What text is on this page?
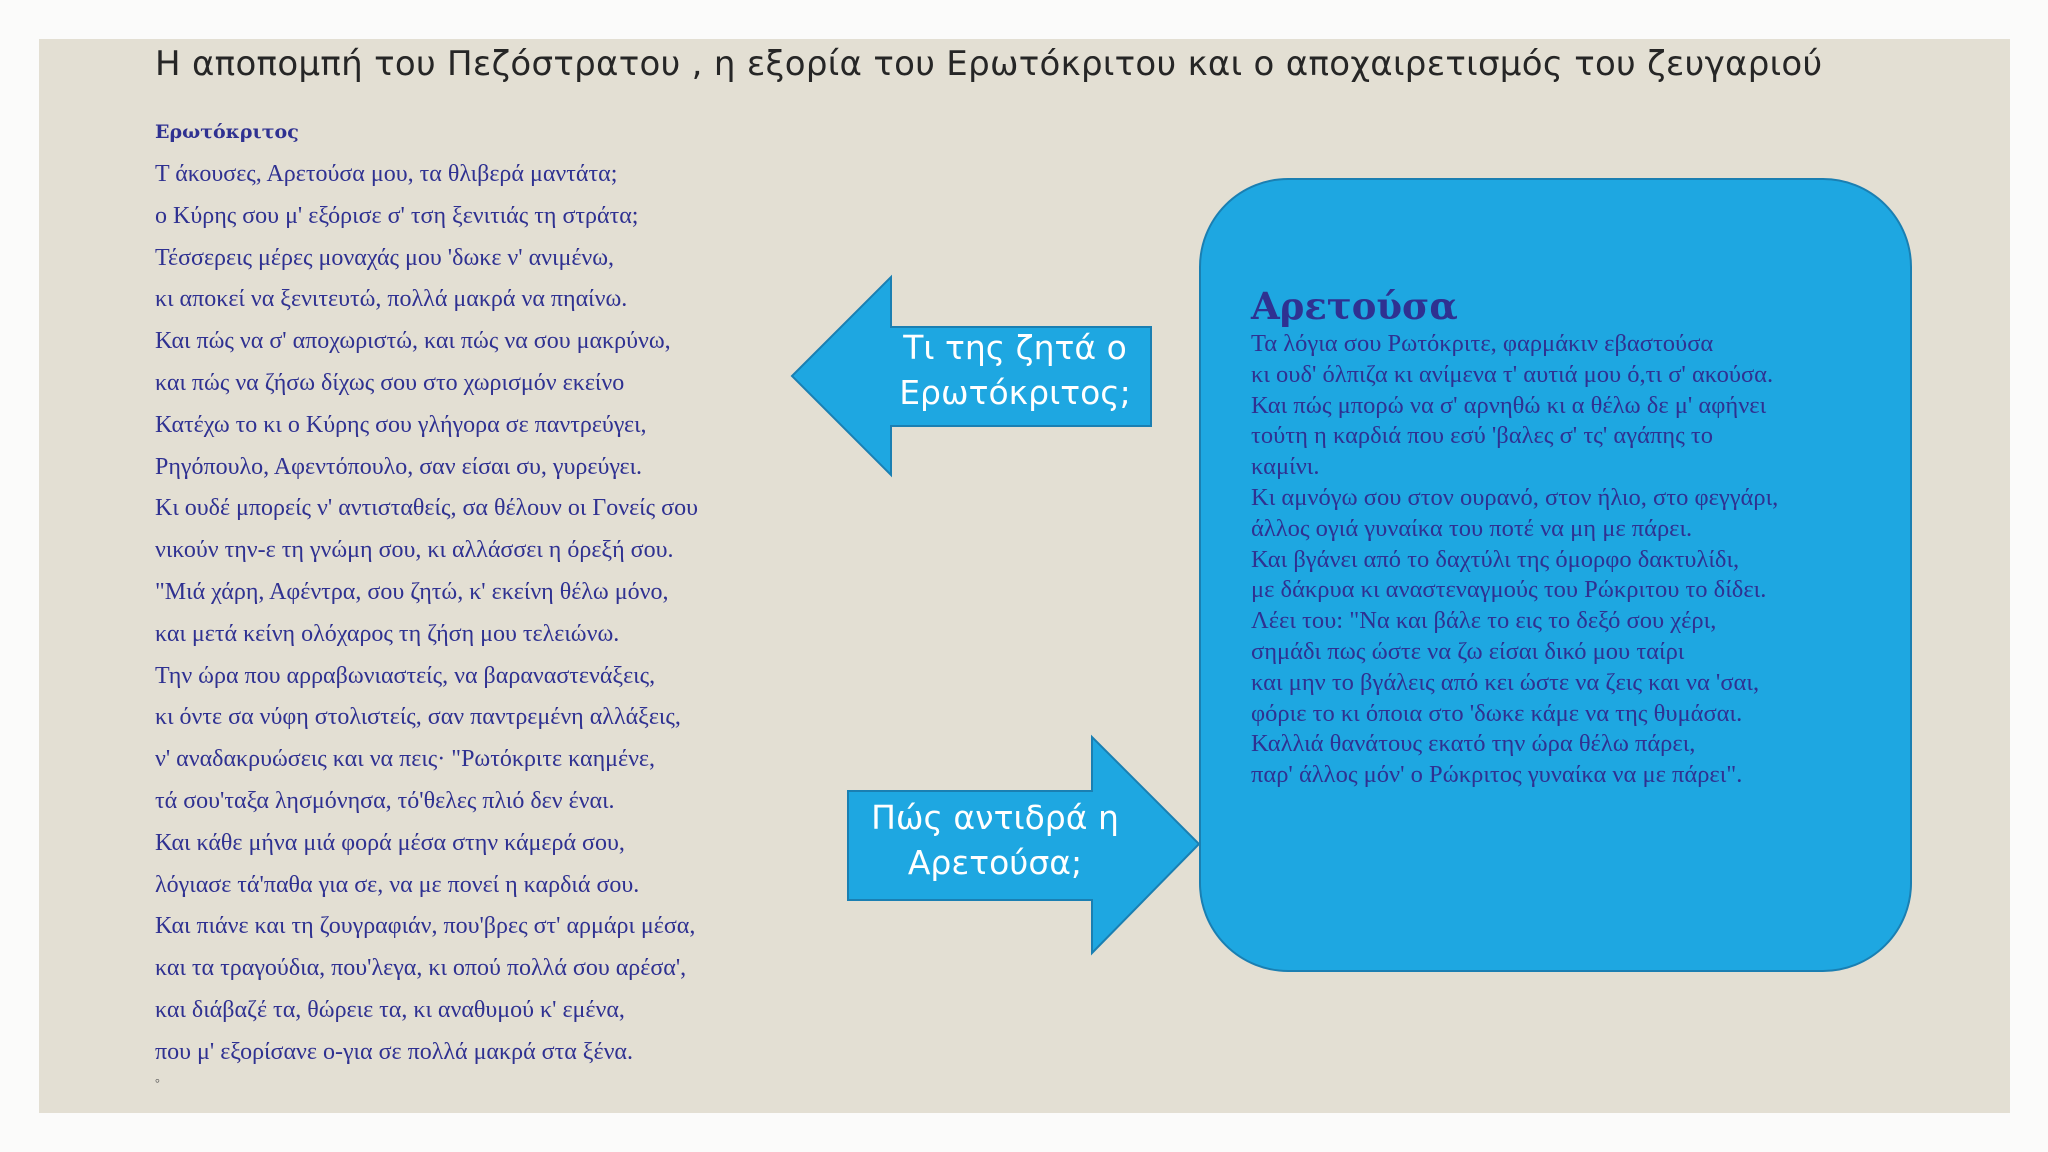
Η αποπομπή του Πεζόστρατου , η εξορία του Ερωτόκριτου και ο αποχαιρετισμός του ζευγαριού
Ερωτόκριτος
Τ άκουσες, Αρετούσα μου, τα θλιβερά μαντάτα;
ο Κύρης σου μ' εξόρισε σ' τση ξενιτιάς τη στράτα;
Τέσσερεις μέρες μοναχάς μου 'δωκε ν' ανιμένω,
κι αποκεί να ξενιτευτώ, πολλά μακρά να πηαίνω.
Και πώς να σ' αποχωριστώ, και πώς να σου μακρύνω,
και πώς να ζήσω δίχως σου στο χωρισμόν εκείνο
Κατέχω το κι ο Κύρης σου γλήγορα σε παντρεύγει,
Ρηγόπουλο, Αφεντόπουλο, σαν είσαι συ, γυρεύγει.
Κι ουδέ μπορείς ν' αντισταθείς, σα θέλουν οι Γονείς σου
νικούν την-ε τη γνώμη σου, κι αλλάσσει η όρεξή σου.
"Μιά χάρη, Αφέντρα, σου ζητώ, κ' εκείνη θέλω μόνο,
και μετά κείνη ολόχαρος τη ζήση μου τελειώνω.
Την ώρα που αρραβωνιαστείς, να βαραναστενάξεις,
κι όντε σα νύφη στολιστείς, σαν παντρεμένη αλλάξεις,
ν' αναδακρυώσεις και να πεις· "Ρωτόκριτε καημένε,
τά σου'ταξα λησμόνησα, τό'θελες πλιό δεν έναι.
Και κάθε μήνα μιά φορά μέσα στην κάμερά σου,
λόγιασε τά'παθα για σε, να με πονεί η καρδιά σου.
Και πιάνε και τη ζουγραφιάν, που'βρες στ' αρμάρι μέσα,
και τα τραγούδια, που'λεγα, κι οπού πολλά σου αρέσα',
και διάβαζέ τα, θώρειε τα, κι αναθυμού κ' εμένα,
που μ' εξορίσανε ο-για σε πολλά μακρά στα ξένα.
°
Τι της ζητά ο
Ερωτόκριτος;
Πώς αντιδρά η
Αρετούσα;
Αρετούσα
Τα λόγια σου Ρωτόκριτε, φαρμάκιν εβαστούσα
κι ουδ' όλπιζα κι ανίμενα τ' αυτιά μου ό,τι σ' ακούσα.
Και πώς μπορώ να σ' αρνηθώ κι α θέλω δε μ' αφήνει
τούτη η καρδιά που εσύ 'βαλες σ' τς' αγάπης το
καμίνι.
Κι αμνόγω σου στον ουρανό, στον ήλιο, στο φεγγάρι,
άλλος ογιά γυναίκα του ποτέ να μη με πάρει.
Και βγάνει από το δαχτύλι της όμορφο δακτυλίδι,
με δάκρυα κι αναστεναγμούς του Ρώκριτου το δίδει.
Λέει του: "Να και βάλε το εις το δεξό σου χέρι,
σημάδι πως ώστε να ζω είσαι δικό μου ταίρι
και μην το βγάλεις από κει ώστε να ζεις και να 'σαι,
φόριε το κι όποια στο 'δωκε κάμε να της θυμάσαι.
Καλλιά θανάτους εκατό την ώρα θέλω πάρει,
παρ' άλλος μόν' ο Ρώκριτος γυναίκα να με πάρει".
